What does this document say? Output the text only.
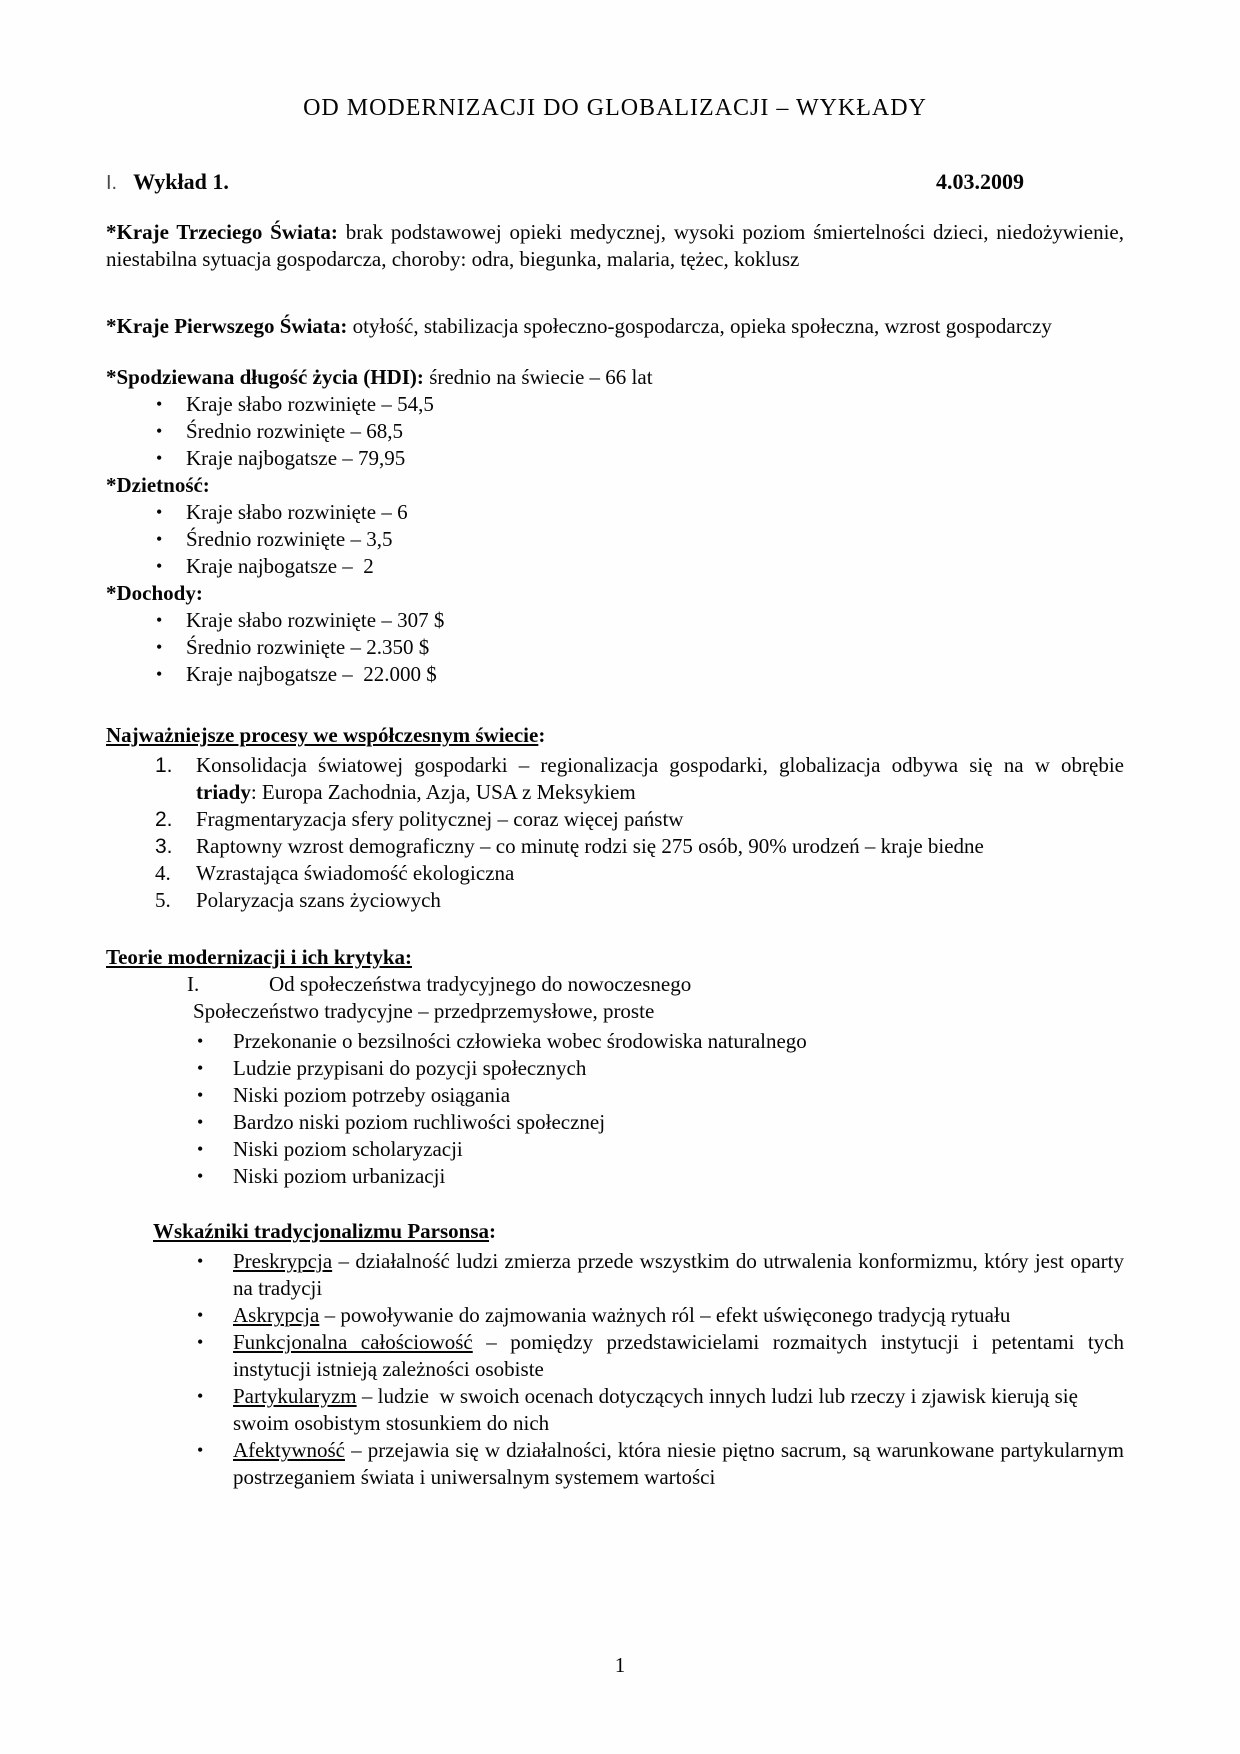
OD MODERNIZACJI DO GLOBALIZACJI – WYKŁADY
I. Wykład 1.	4.03.2009

*Kraje Trzeciego Świata: brak podstawowej opieki medycznej, wysoki poziom śmiertelności dzieci, niedożywienie, niestabilna sytuacja gospodarcza, choroby: odra, biegunka, malaria, tężec, koklusz

*Kraje Pierwszego Świata: otyłość, stabilizacja społeczno-gospodarcza, opieka społeczna, wzrost gospodarczy

*Spodziewana długość życia (HDI): średnio na świecie – 66 lat

•	Kraje słabo rozwinięte – 54,5
•	Średnio rozwinięte – 68,5
•	Kraje najbogatsze – 79,95

*Dzietność:

•	Kraje słabo rozwinięte – 6
•	Średnio rozwinięte – 3,5
•	Kraje najbogatsze –  2

*Dochody:

•	Kraje słabo rozwinięte – 307 $
•	Średnio rozwinięte – 2.350 $
•	Kraje najbogatsze –  22.000 $
Najważniejsze procesy we współczesnym świecie:
1.	Konsolidacja światowej gospodarki – regionalizacja gospodarki, globalizacja odbywa się na w obrębie triady: Europa Zachodnia, Azja, USA z Meksykiem
2.	Fragmentaryzacja sfery politycznej – coraz więcej państw
3.	Raptowny wzrost demograficzny – co minutę rodzi się 275 osób, 90% urodzeń – kraje biedne
4.	Wzrastająca świadomość ekologiczna
5.	Polaryzacja szans życiowych
Teorie modernizacji i ich krytyka:
I.	Od społeczeństwa tradycyjnego do nowoczesnego
Społeczeństwo tradycyjne – przedprzemysłowe, proste
•	Przekonanie o bezsilności człowieka wobec środowiska naturalnego
•	Ludzie przypisani do pozycji społecznych
•	Niski poziom potrzeby osiągania
•	Bardzo niski poziom ruchliwości społecznej
•	Niski poziom scholaryzacji
•	Niski poziom urbanizacji
Wskaźniki tradycjonalizmu Parsonsa:
•	Preskrypcja – działalność ludzi zmierza przede wszystkim do utrwalenia konformizmu, który jest oparty na tradycji
•	Askrypcja – powoływanie do zajmowania ważnych ról – efekt uświęconego tradycją rytuału
•	Funkcjonalna całościowość – pomiędzy przedstawicielami rozmaitych instytucji i petentami tych instytucji istnieją zależności osobiste
•	Partykularyzm – ludzie  w swoich ocenach dotyczących innych ludzi lub rzeczy i zjawisk kierują się swoim osobistym stosunkiem do nich
•	Afektywność – przejawia się w działalności, która niesie piętno sacrum, są warunkowane partykularnym postrzeganiem świata i uniwersalnym systemem wartości
1
